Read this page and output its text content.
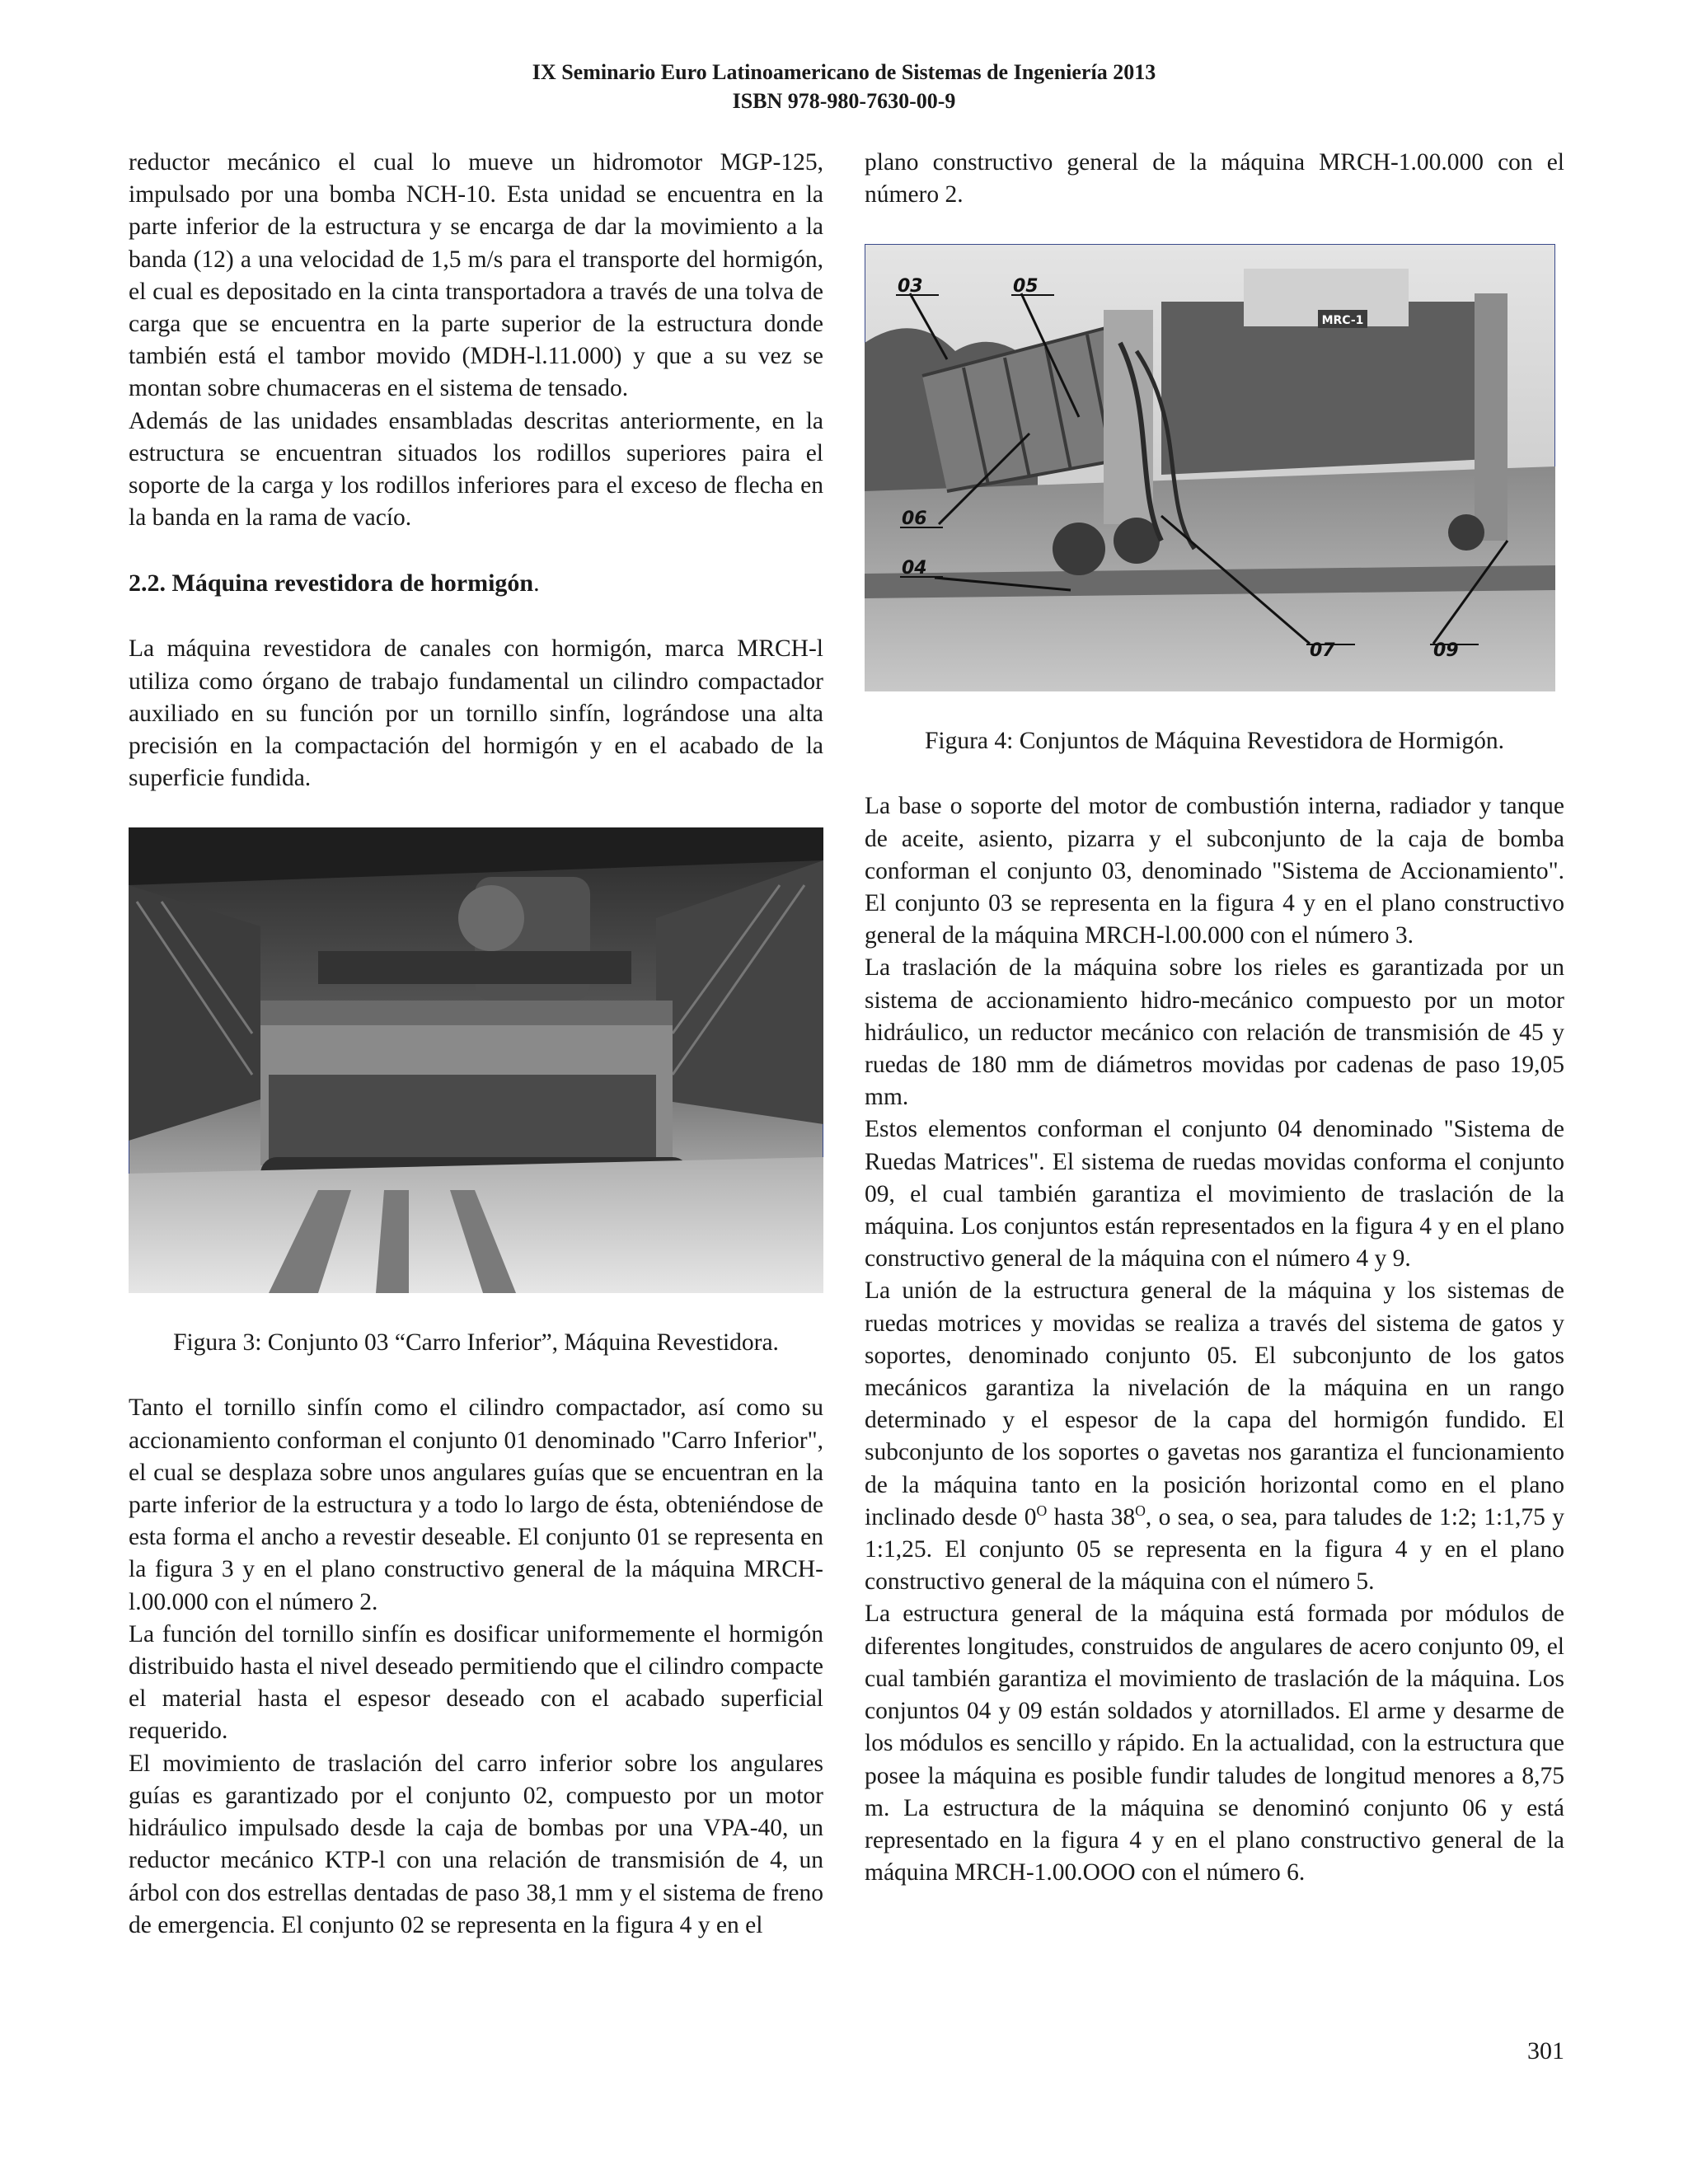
IX Seminario Euro Latinoamericano de Sistemas de Ingeniería 2013
ISBN 978-980-7630-00-9

reductor mecánico el cual lo mueve un hidromotor MGP-125, impulsado por una bomba NCH-10. Esta unidad se encuentra en la parte inferior de la estructura y se encarga de dar la movimiento a la banda (12) a una velocidad de 1,5 m/s para el transporte del hormigón, el cual es depositado en la cinta transportadora a través de una tolva de carga que se encuentra en la parte superior de la estructura donde también está el tambor movido (MDH-l.11.000) y que a su vez se montan sobre chumaceras en el sistema de tensado.

Además de las unidades ensambladas descritas anteriormente, en la estructura se encuentran situados los rodillos superiores paira el soporte de la carga y los rodillos inferiores para el exceso de flecha en la banda en la rama de vacío.

2.2. Máquina revestidora de hormigón.

La máquina revestidora de canales con hormigón, marca MRCH-l utiliza como órgano de trabajo fundamental un cilindro compactador auxiliado en su función por un tornillo sinfín, lográndose una alta precisión en la compactación del hormigón y en el acabado de la superficie fundida.

Figura 3: Conjunto 03 “Carro Inferior”, Máquina Revestidora.

Tanto el tornillo sinfín como el cilindro compactador, así como su accionamiento conforman el conjunto 01 denominado "Carro Inferior", el cual se desplaza sobre unos angulares guías que se encuentran en la parte inferior de la estructura y a todo lo largo de ésta, obteniéndose de esta forma el ancho a revestir deseable. El conjunto 01 se representa en la figura 3 y en el plano constructivo general de la máquina MRCH-l.00.000 con el número 2.

La función del tornillo sinfín es dosificar uniformemente el hormigón distribuido hasta el nivel deseado permitiendo que el cilindro compacte el material hasta el espesor deseado con el acabado superficial requerido.

El movimiento de traslación del carro inferior sobre los angulares guías es garantizado por el conjunto 02, compuesto por un motor hidráulico impulsado desde la caja de bombas por una VPA-40, un reductor mecánico KTP-l con una relación de transmisión de 4, un árbol con dos estrellas dentadas de paso 38,1 mm y el sistema de freno de emergencia. El conjunto 02 se representa en la figura 4 y en el

plano constructivo general de la máquina MRCH-1.00.000 con el número 2.

MRC-1
03	05
06
04
07	09

Figura 4: Conjuntos de Máquina Revestidora de Hormigón.

La base o soporte del motor de combustión interna, radiador y tanque de aceite, asiento, pizarra y el subconjunto de la caja de bomba conforman el conjunto 03, denominado "Sistema de Accionamiento". El conjunto 03 se representa en la figura 4 y en el plano constructivo general de la máquina MRCH-l.00.000 con el número 3.

La traslación de la máquina sobre los rieles es garantizada por un sistema de accionamiento hidro-mecánico compuesto por un motor hidráulico, un reductor mecánico con relación de transmisión de 45 y ruedas de 180 mm de diámetros movidas por cadenas de paso 19,05 mm.

Estos elementos conforman el conjunto 04 denominado "Sistema de Ruedas Matrices". El sistema de ruedas movidas conforma el conjunto 09, el cual también garantiza el movimiento de traslación de la máquina. Los conjuntos están representados en la figura 4 y en el plano constructivo general de la máquina con el número 4 y 9.

La unión de la estructura general de la máquina y los sistemas de ruedas motrices y movidas se realiza a través del sistema de gatos y soportes, denominado conjunto 05. El subconjunto de los gatos mecánicos garantiza la nivelación de la máquina en un rango determinado y el espesor de la capa del hormigón fundido. El subconjunto de los soportes o gavetas nos garantiza el funcionamiento de la máquina tanto en la posición horizontal como en el plano inclinado desde $0^O$ hasta $38^O$, o sea, o sea, para taludes de 1:2; 1:1,75 y 1:1,25. El conjunto 05 se representa en la figura 4 y en el plano constructivo general de la máquina con el número 5.

La estructura general de la máquina está formada por módulos de diferentes longitudes, construidos de angulares de acero conjunto 09, el cual también garantiza el movimiento de traslación de la máquina. Los conjuntos 04 y 09 están soldados y atornillados. El arme y desarme de los módulos es sencillo y rápido. En la actualidad, con la estructura que posee la máquina es posible fundir taludes de longitud menores a 8,75 m. La estructura de la máquina se denominó conjunto 06 y está representado en la figura 4 y en el plano constructivo general de la máquina MRCH-1.00.OOO con el número 6.

301
